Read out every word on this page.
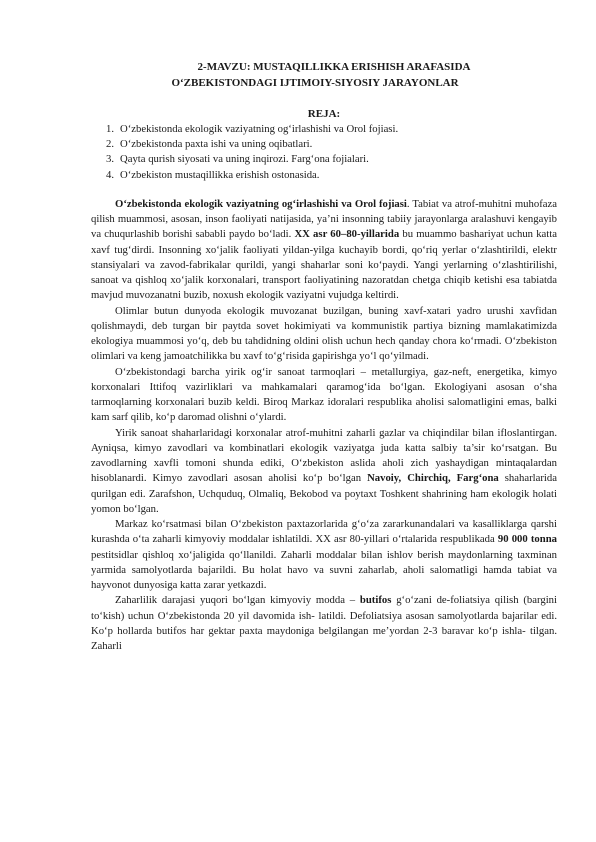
2-MAVZU: MUSTAQILLIKKA ERISHISH ARAFASIDA
O‘ZBEKISTONDAGI IJTIMOIY-SIYOSIY JARAYONLAR
REJA:
1. O‘zbekistonda ekologik vaziyatning og‘irlashishi va Orol fojiasi.
2. O‘zbekistonda paxta ishi va uning oqibatlari.
3. Qayta qurish siyosati va uning inqirozi. Farg‘ona fojialari.
4. O‘zbekiston mustaqillikka erishish ostonasida.

O‘zbekistonda ekologik vaziyatning og‘irlashishi va Orol fojiasi. Tabiat va atrof-muhitni muhofaza qilish muammosi, asosan, inson faoliyati natijasida, ya’ni insonning tabiiy jarayonlarga aralashuvi kengayib va chuqurlashib borishi sababli paydo bo‘ladi. XX asr 60–80-yillarida bu muammo bashariyat uchun katta xavf tug‘dirdi. Insonning xo‘jalik faoliyati yildan-yilga kuchayib bordi, qo‘riq yerlar o‘zlashtirildi, elektr stansiyalari va zavod-fabrikalar qurildi, yangi shaharlar soni ko‘paydi. Yangi yerlarning o‘zlashtirilishi, sanoat va qishloq xo‘jalik korxonalari, transport faoliyatining nazoratdan chetga chiqib ketishi esa tabiatda mavjud muvozanatni buzib, noxush ekologik vaziyatni vujudga keltirdi.

Olimlar butun dunyoda ekologik muvozanat buzilgan, buning xavf-xatari yadro urushi xavfidan qolishmaydi, deb turgan bir paytda sovet hokimiyati va kommunistik partiya bizning mamlakatimizda ekologiya muammosi yo‘q, deb bu tahdidning oldini olish uchun hech qanday chora ko‘rmadi. O‘zbekiston olimlari va keng jamoatchilikka bu xavf to‘g‘risida gapirishga yo‘l qo‘yilmadi.

O‘zbekistondagi barcha yirik og‘ir sanoat tarmoqlari – metallurgiya, gaz-neft, energetika, kimyo korxonalari Ittifoq vazirliklari va mahkamalari qaramog‘ida bo‘lgan. Ekologiyani asosan o‘sha tarmoqlarning korxonalari buzib keldi. Biroq Markaz idoralari respublika aholisi salomatligini emas, balki kam sarf qilib, ko‘p daromad olishni o‘ylardi.

Yirik sanoat shaharlaridagi korxonalar atrof-muhitni zaharli gazlar va chiqindilar bilan ifloslantirgan. Ayniqsa, kimyo zavodlari va kombinatlari ekologik vaziyatga juda katta salbiy ta’sir ko‘rsatgan. Bu zavodlarning xavfli tomoni shunda ediki, O‘zbekiston aslida aholi zich yashaydigan mintaqalardan hisoblanardi. Kimyo zavodlari asosan aholisi ko‘p bo‘lgan Navoiy, Chirchiq, Farg‘ona shaharlarida qurilgan edi. Zarafshon, Uchquduq, Olmaliq, Bekobod va poytaxt Toshkent shahrining ham ekologik holati yomon bo‘lgan.

Markaz ko‘rsatmasi bilan O‘zbekiston paxtazorlarida g‘o‘za zararkunandalari va kasalliklarga qarshi kurashda o‘ta zaharli kimyoviy moddalar ishlatildi. XX asr 80-yillari o‘rtalarida respublikada 90 000 tonna pestitsidlar qishloq xo‘jaligida qo‘llanildi. Zaharli moddalar bilan ishlov berish maydonlarning taxminan yarmida samolyotlarda bajarildi. Bu holat havo va suvni zaharlab, aholi salomatligi hamda tabiat va hayvonot dunyosiga katta zarar yetkazdi.

Zaharlilik darajasi yuqori bo‘lgan kimyoviy modda – butifos g‘o‘zani de-foliatsiya qilish (bargini to‘kish) uchun O‘zbekistonda 20 yil davomida ish- latildi. Defoliatsiya asosan samolyotlarda bajarilar edi. Ko‘p hollarda butifos har gektar paxta maydoniga belgilangan me’yordan 2-3 baravar ko‘p ishla- tilgan. Zaharli
